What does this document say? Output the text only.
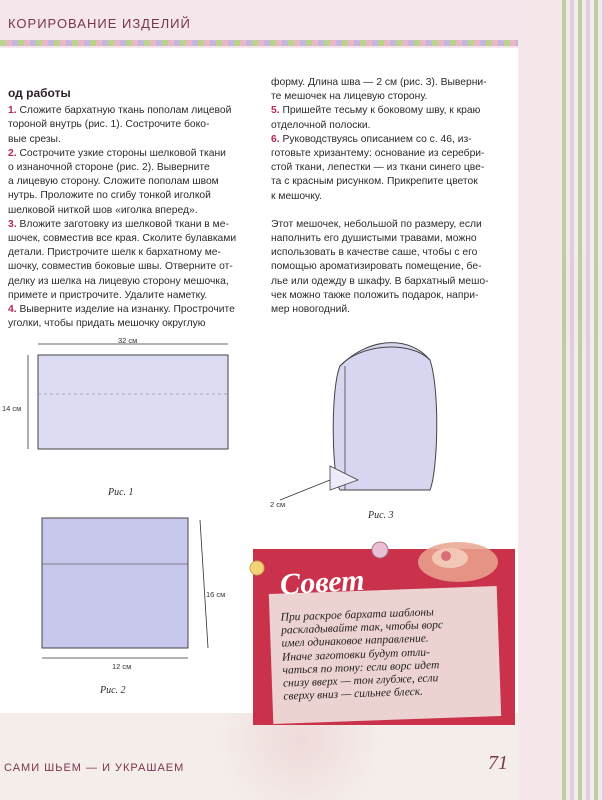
КОРИРОВАНИЕ ИЗДЕЛИЙ
од работы

1. Сложите бархатную ткань пополам лицевой

тороной внутрь (рис. 1). Сострочите боко-

вые срезы.

2. Сострочите узкие стороны шелковой ткани

о изнаночной стороне (рис. 2). Выверните

а лицевую сторону. Сложите пополам швом

нутрь. Проложите по сгибу тонкой иголкой

шелковой ниткой шов «иголка вперед».

3. Вложите заготовку из шелковой ткани в ме-

шочек, совместив все края. Сколите булавками

детали. Пристрочите шелк к бархатному ме-

шочку, совместив боковые швы. Отверните от-

делку из шелка на лицевую сторону мешочка,

примете и пристрочите. Удалите наметку.

4. Выверните изделие на изнанку. Прострочите

уголки, чтобы придать мешочку округлую

форму. Длина шва — 2 см (рис. 3). Выверни-

те мешочек на лицевую сторону.

5. Пришейте тесьму к боковому шву, к краю

отделочной полоски.

6. Руководствуясь описанием со с. 46, из-

готовьте хризантему: основание из серебри-

стой ткани, лепестки — из ткани синего цве-

та с красным рисунком. Прикрепите цветок

к мешочку.

Этот мешочек, небольшой по размеру, если

наполнить его душистыми травами, можно

использовать в качестве саше, чтобы с его

помощью ароматизировать помещение, бе-

лье или одежду в шкафу. В бархатный мешо-

чек можно также положить подарок, напри-

мер новогодний.

32 см
14 см
Рис. 1
16 см
12 см
Рис. 2
2 см
Рис. 3
Совет
При раскрое бархата шаблоны
раскладывайте так, чтобы ворс
имел одинаковое направление.
Иначе заготовки будут отли-
чаться по тону: если ворс идет
снизу вверх — тон глубже, если
сверху вниз — сильнее блеск.
САМИ ШЬЕМ — И УКРАШАЕМ	71
